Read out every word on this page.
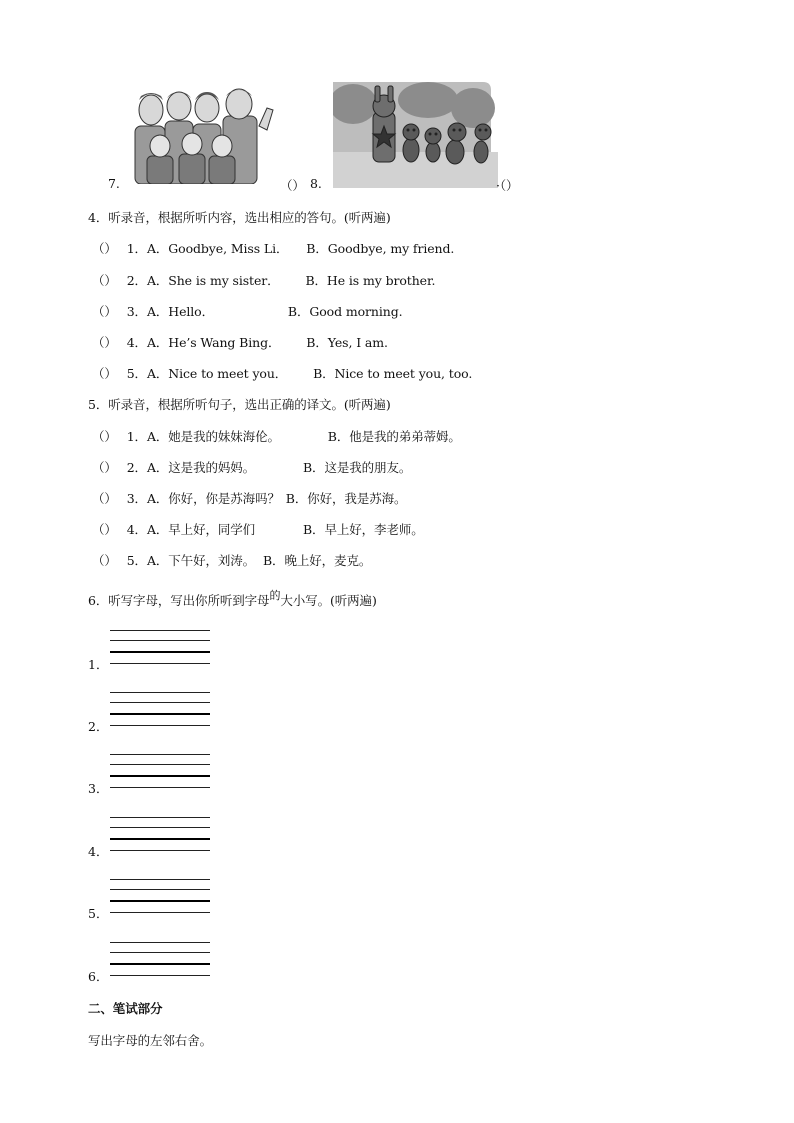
7.	（） 8.	·（）
4．听录音，根据所听内容，选出相应的答句。(听两遍)
（） 1．A．Goodbye, Miss Li． B．Goodbye, my friend.
（） 2．A．She is my sister． B．He is my brother.
（） 3．A．Hello．	B．Good morning.
（） 4．A．He’s Wang Bing． B．Yes, I am.
（） 5．A．Nice to meet you． B．Nice to meet you, too.
5．听录音，根据所听句子，选出正确的译文。(听两遍)
（） 1．A．她是我的妹妹海伦。	B．他是我的弟弟蒂姆。
（） 2．A．这是我的妈妈。	B．这是我的朋友。
（） 3．A．你好，你是苏海吗？ B．你好，我是苏海。
（） 4．A．早上好，同学们	B．早上好，李老师。
（） 5．A．下午好，刘涛。 B．晚上好，麦克。
6．听写字母，写出你所听到字母的大小写。(听两遍)
1．
2．
3．
4．
5．
6．
二、笔试部分
写出字母的左邻右舍。
